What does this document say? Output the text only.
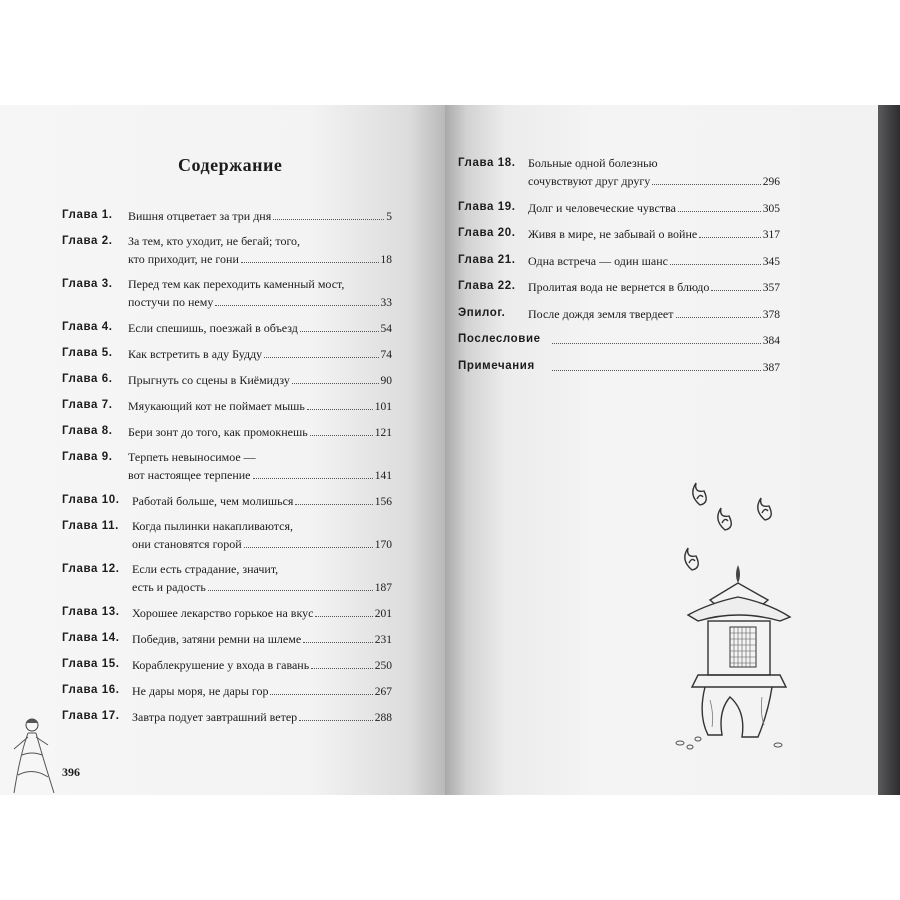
Содержание
Глава 1. Вишня отцветает за три дня	5
Глава 2. За тем, кто уходит, не бегай; того,
кто приходит, не гони	18
Глава 3. Перед тем как переходить каменный мост,
постучи по нему	33
Глава 4. Если спешишь, поезжай в объезд	54
Глава 5. Как встретить в аду Будду	74
Глава 6. Прыгнуть со сцены в Киёмидзу	90
Глава 7. Мяукающий кот не поймает мышь	101
Глава 8. Бери зонт до того, как промокнешь	121
Глава 9. Терпеть невыносимое —
вот настоящее терпение	141
Глава 10. Работай больше, чем молишься	156
Глава 11. Когда пылинки накапливаются,
они становятся горой	170
Глава 12. Если есть страдание, значит,
есть и радость	187
Глава 13. Хорошее лекарство горькое на вкус	201
Глава 14. Победив, затяни ремни на шлеме	231
Глава 15. Кораблекрушение у входа в гавань	250
Глава 16. Не дары моря, не дары гор	267
Глава 17. Завтра подует завтрашний ветер	288
396
Глава 18. Больные одной болезнью
сочувствуют друг другу	296
Глава 19. Долг и человеческие чувства	305
Глава 20. Живя в мире, не забывай о войне	317
Глава 21. Одна встреча — один шанс	345
Глава 22. Пролитая вода не вернется в блюдо	357
Эпилог. После дождя земля твердеет	378
Послесловие	384
Примечания	387
